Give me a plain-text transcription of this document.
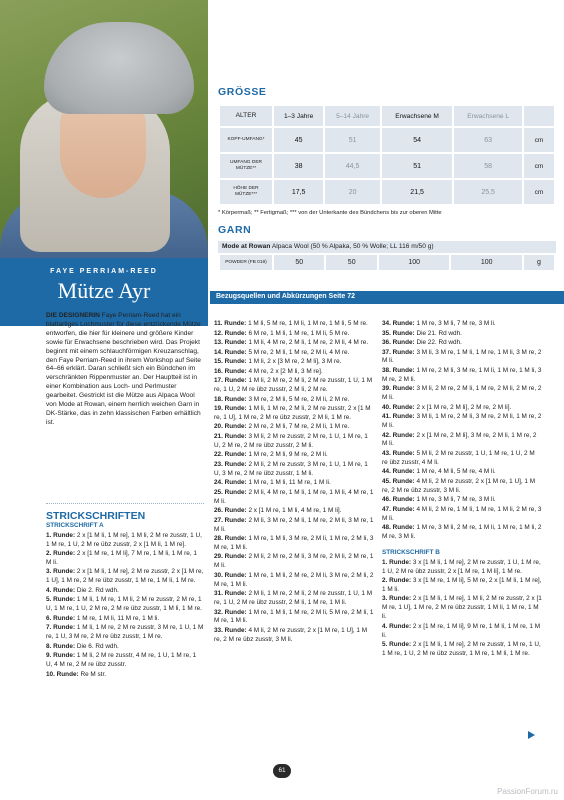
FAYE PERRIAM-REED
Mütze Ayr
GRÖSSE
ALTER	1–3 Jahre	5–14 Jahre	Erwachsene M	Erwachsene L	
KOPF-UMFANG*	45	51	54	63	cm
UMFANG DER MÜTZE**	38	44,5	51	58	cm
HÖHE DER MÜTZE***	17,5	20	21,5	25,5	cm
* Körpermaß; ** Fertigmaß; *** von der Unterkante des Bündchens bis zur oberen Mitte
GARN
Mode at Rowan Alpaca Wool (50 % Alpaka, 50 % Wolle; LL 116 m/50 g)
POWDER (FB 019)	50	50	100	100	g
Bezugsquellen und Abkürzungen Seite 72
DIE DESIGNERIN Faye Perriam-Reed hat ein blattartiges Lochmuster für diese entzückende Mütze entworfen, die hier für kleinere und größere Kinder sowie für Erwachsene beschrieben wird. Das Projekt beginnt mit einem schlauchförmigen Kreuzanschlag, den Faye Perriam-Reed in ihrem Workshop auf Seite 64–66 erklärt. Daran schließt sich ein Bündchen im verschränkten Rippenmuster an. Der Hauptteil ist in einer Kombination aus Loch- und Perlmuster gearbeitet. Gestrickt ist die Mütze aus Alpaca Wool von Mode at Rowan, einem herrlich weichen Garn in DK-Stärke, das in zehn klassischen Farben erhältlich ist.
STRICKSCHRIFTEN
STRICKSCHRIFT A

1. Runde: 2 x [1 M li, 1 M re], 1 M li, 2 M re zusstr, 1 U, 1 M re, 1 U, 2 M re übz zusstr, 2 x [1 M li, 1 M re].

2. Runde: 2 x [1 M re, 1 M li], 7 M re, 1 M li, 1 M re, 1 M li.

3. Runde: 2 x [1 M li, 1 M re], 2 M re zusstr, 2 x [1 M re, 1 U], 1 M re, 2 M re übz zusstr, 1 M re, 1 M li, 1 M re.

4. Runde: Die 2. Rd wdh.

5. Runde: 1 M li, 1 M re, 1 M li, 2 M re zusstr, 2 M re, 1 U, 1 M re, 1 U, 2 M re, 2 M re übz zusstr, 1 M li, 1 M re.

6. Runde: 1 M re, 1 M li, 11 M re, 1 M li.

7. Runde: 1 M li, 1 M re, 2 M re zusstr, 3 M re, 1 U, 1 M re, 1 U, 3 M re, 2 M re übz zusstr, 1 M re.

8. Runde: Die 6. Rd wdh.

9. Runde: 1 M li, 2 M re zusstr, 4 M re, 1 U, 1 M re, 1 U, 4 M re, 2 M re übz zusstr.

10. Runde: Re M str.

11. Runde: 1 M li, 5 M re, 1 M li, 1 M re, 1 M li, 5 M re.

12. Runde: 6 M re, 1 M li, 1 M re, 1 M li, 5 M re.

13. Runde: 1 M li, 4 M re, 2 M li, 1 M re, 2 M li, 4 M re.

14. Runde: 5 M re, 2 M li, 1 M re, 2 M li, 4 M re.

15. Runde: 1 M li, 2 x [3 M re, 2 M li], 3 M re.

16. Runde: 4 M re, 2 x [2 M li, 3 M re].

17. Runde: 1 M li, 2 M re, 2 M li, 2 M re zusstr, 1 U, 1 M re, 1 U, 2 M re übz zusstr, 2 M li, 2 M re.

18. Runde: 3 M re, 2 M li, 5 M re, 2 M li, 2 M re.

19. Runde: 1 M li, 1 M re, 2 M li, 2 M re zusstr, 2 x [1 M re, 1 U], 1 M re, 2 M re übz zusstr, 2 M li, 1 M re.

20. Runde: 2 M re, 2 M li, 7 M re, 2 M li, 1 M re.

21. Runde: 3 M li, 2 M re zusstr, 2 M re, 1 U, 1 M re, 1 U, 2 M re, 2 M re übz zusstr, 2 M li.

22. Runde: 1 M re, 2 M li, 9 M re, 2 M li.

23. Runde: 2 M li, 2 M re zusstr, 3 M re, 1 U, 1 M re, 1 U, 3 M re, 2 M re übz zusstr, 1 M li.

24. Runde: 1 M re, 1 M li, 11 M re, 1 M li.

25. Runde: 2 M li, 4 M re, 1 M li, 1 M re, 1 M li, 4 M re, 1 M li.

26. Runde: 2 x [1 M re, 1 M li, 4 M re, 1 M li].

27. Runde: 2 M li, 3 M re, 2 M li, 1 M re, 2 M li, 3 M re, 1 M li.

28. Runde: 1 M re, 1 M li, 3 M re, 2 M li, 1 M re, 2 M li, 3 M re, 1 M li.

29. Runde: 2 M li, 2 M re, 2 M li, 3 M re, 2 M li, 2 M re, 1 M li.

30. Runde: 1 M re, 1 M li, 2 M re, 2 M li, 3 M re, 2 M li, 2 M re, 1 M li.

31. Runde: 2 M li, 1 M re, 2 M li, 2 M re zusstr, 1 U, 1 M re, 1 U, 2 M re übz zusstr, 2 M li, 1 M re, 1 M li.

32. Runde: 1 M re, 1 M li, 1 M re, 2 M li, 5 M re, 2 M li, 1 M re, 1 M li.

33. Runde: 4 M li, 2 M re zusstr, 2 x [1 M re, 1 U], 1 M re, 2 M re übz zusstr, 3 M li.

34. Runde: 1 M re, 3 M li, 7 M re, 3 M li.

35. Runde: Die 21. Rd wdh.

36. Runde: Die 22. Rd wdh.

37. Runde: 3 M li, 3 M re, 1 M li, 1 M re, 1 M li, 3 M re, 2 M li.

38. Runde: 1 M re, 2 M li, 3 M re, 1 M li, 1 M re, 1 M li, 3 M re, 2 M li.

39. Runde: 3 M li, 2 M re, 2 M li, 1 M re, 2 M li, 2 M re, 2 M li.

40. Runde: 2 x [1 M re, 2 M li], 2 M re, 2 M li].

41. Runde: 3 M li, 1 M re, 2 M li, 3 M re, 2 M li, 1 M re, 2 M li.

42. Runde: 2 x [1 M re, 2 M li], 3 M re, 2 M li, 1 M re, 2 M li.

43. Runde: 5 M li, 2 M re zusstr, 1 U, 1 M re, 1 U, 2 M re übz zusstr, 4 M li.

44. Runde: 1 M re, 4 M li, 5 M re, 4 M li.

45. Runde: 4 M li, 2 M re zusstr, 2 x [1 M re, 1 U], 1 M re, 2 M re übz zusstr, 3 M li.

46. Runde: 1 M re, 3 M li, 7 M re, 3 M li.

47. Runde: 4 M li, 2 M re, 1 M li, 1 M re, 1 M li, 2 M re, 3 M li.

48. Runde: 1 M re, 3 M li, 2 M re, 1 M li, 1 M re, 1 M li, 2 M re, 3 M li.

STRICKSCHRIFT B

1. Runde: 3 x [1 M li, 1 M re], 2 M re zusstr, 1 U, 1 M re, 1 U, 2 M re übz zusstr, 2 x [1 M re, 1 M li], 1 M re.

2. Runde: 3 x [1 M re, 1 M li], 5 M re, 2 x [1 M li, 1 M re], 1 M li.

3. Runde: 2 x [1 M li, 1 M re], 1 M li, 2 M re zusstr, 2 x [1 M re, 1 U], 1 M re, 2 M re übz zusstr, 1 M li, 1 M re, 1 M li.

4. Runde: 2 x [1 M re, 1 M li], 9 M re, 1 M li, 1 M re, 1 M li.

5. Runde: 2 x [1 M li, 1 M re], 2 M re zusstr, 1 M re, 1 U, 1 M re, 1 U, 2 M re übz zusstr, 1 M re, 1 M li, 1 M re.

61
PassionForum.ru
